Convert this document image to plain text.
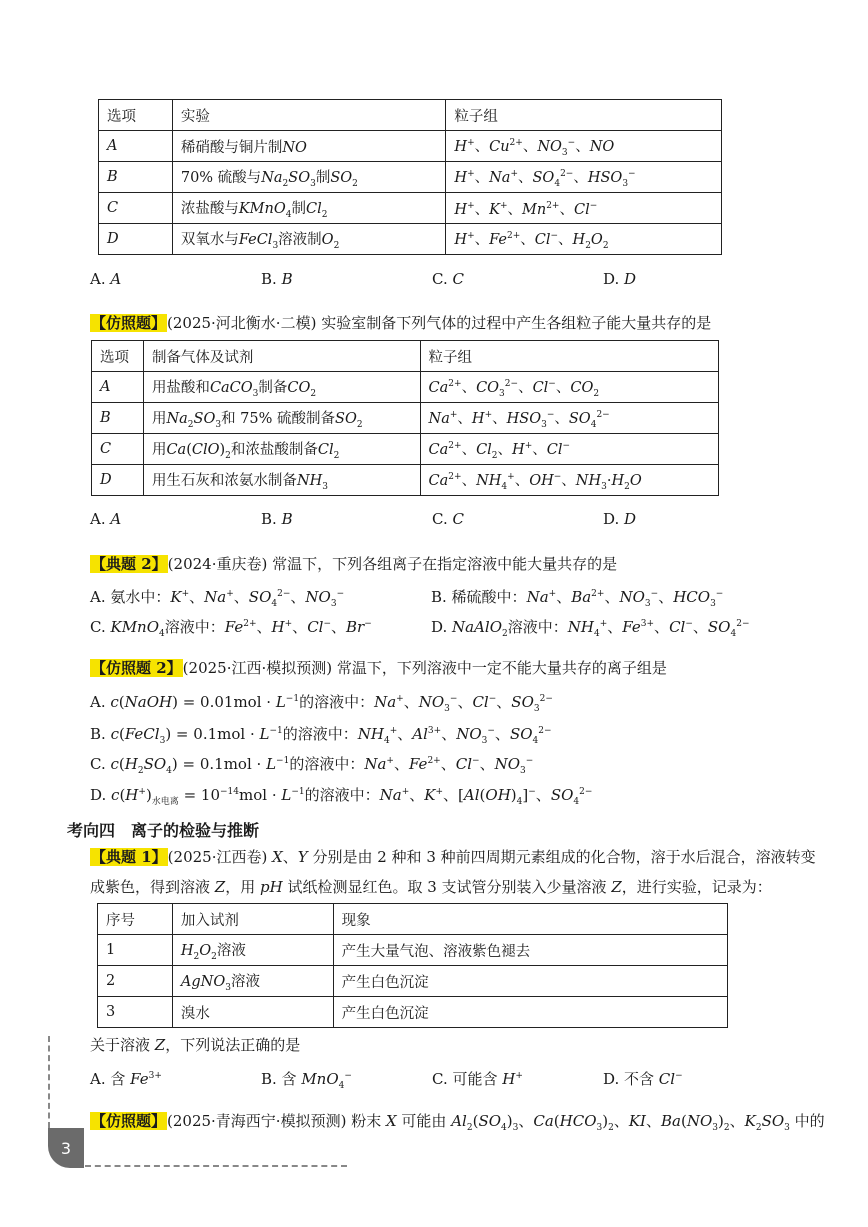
选项	实验	粒子组
A	稀硝酸与铜片制NO	H+、$Cu^{2+}$、$NO_3^-$、NO
B	70% 硫酸与$Na_2SO_3$制$SO_2$	H+、Na+、$SO_4^{2-}$、$HSO_3^-$
C	浓盐酸与KMnO$_4$制$Cl_2$	H+、K+、$Mn^{2+}$、Cl−
D	双氧水与FeCl$_3$溶液制$O_2$	H+、$Fe^{2+}$、Cl−、$H_2O_2$
A. A	B. B	C. C	D. D
【仿照题】(2025·河北衡水·二模) 实验室制备下列气体的过程中产生各组粒子能大量共存的是
选项	制备气体及试剂	粒子组
A	用盐酸和CaCO$_3$制备$CO_2$	$Ca^{2+}$、$CO_3^{2-}$、Cl−、$CO_2$
B	用$Na_2SO_3$和 75% 硫酸制备$SO_2$	Na+、H+、$HSO_3^-$、$SO_4^{2-}$
C	用$Ca(ClO)_2$和浓盐酸制备$Cl_2$	$Ca^{2+}$、$Cl_2$、H+、Cl−
D	用生石灰和浓氨水制备$NH_3$	$Ca^{2+}$、$NH_4^+$、OH−、$NH_3\cdot H_2O$
A. A	B. B	C. C	D. D
【典题 2】(2024·重庆卷) 常温下，下列各组离子在指定溶液中能大量共存的是
A. 氨水中：K+、Na+、$SO_4^{2-}$、$NO_3^-$	B. 稀硫酸中：Na+、$Ba^{2+}$、$NO_3^-$、$HCO_3^-$
C. KMnO$_4$溶液中：$Fe^{2+}$、H+、Cl−、Br−	D. NaAlO$_2$溶液中：$NH_4^+$、$Fe^{3+}$、Cl−、$SO_4^{2-}$
【仿照题 2】(2025·江西·模拟预测) 常温下，下列溶液中一定不能大量共存的离子组是
A. c(NaOH) = $0.01mol \cdot L^{-1}$的溶液中：Na+、$NO_3^-$、Cl−、$SO_3^{2-}$
B. c(FeCl$_3$) = $0.1mol \cdot L^{-1}$的溶液中：$NH_4^+$、$Al^{3+}$、$NO_3^-$、$SO_4^{2-}$
C. $c(H_2SO_4) = 0.1mol \cdot L^{-1}$的溶液中：Na+、$Fe^{2+}$、Cl−、$NO_3^-$
D. $c(H^+)_{水电离} = 10^{-14}mol \cdot L^{-1}$的溶液中：Na+、K+、$[Al(OH)_4]^-$、$SO_4^{2-}$
考向四　离子的检验与推断
【典题 1】(2025·江西卷) X、Y 分别是由 2 种和 3 种前四周期元素组成的化合物，溶于水后混合，溶液转变
成紫色，得到溶液 Z，用 pH 试纸检测显红色。取 3 支试管分别装入少量溶液 Z，进行实验，记录为：
序号	加入试剂	现象
1	$H_2O_2$溶液	产生大量气泡、溶液紫色褪去
2	AgNO$_3$溶液	产生白色沉淀
3	溴水	产生白色沉淀
关于溶液 Z，下列说法正确的是
A. 含 $Fe^{3+}$	B. 含 MnO$_4$−	C. 可能含 H+	D. 不含 Cl−
【仿照题】(2025·青海西宁·模拟预测) 粉末 X 可能由 $Al_2(SO_4)_3$、$Ca(HCO_3)_2$、KI、$Ba(NO_3)_2$、$K_2SO_3$ 中的
3
